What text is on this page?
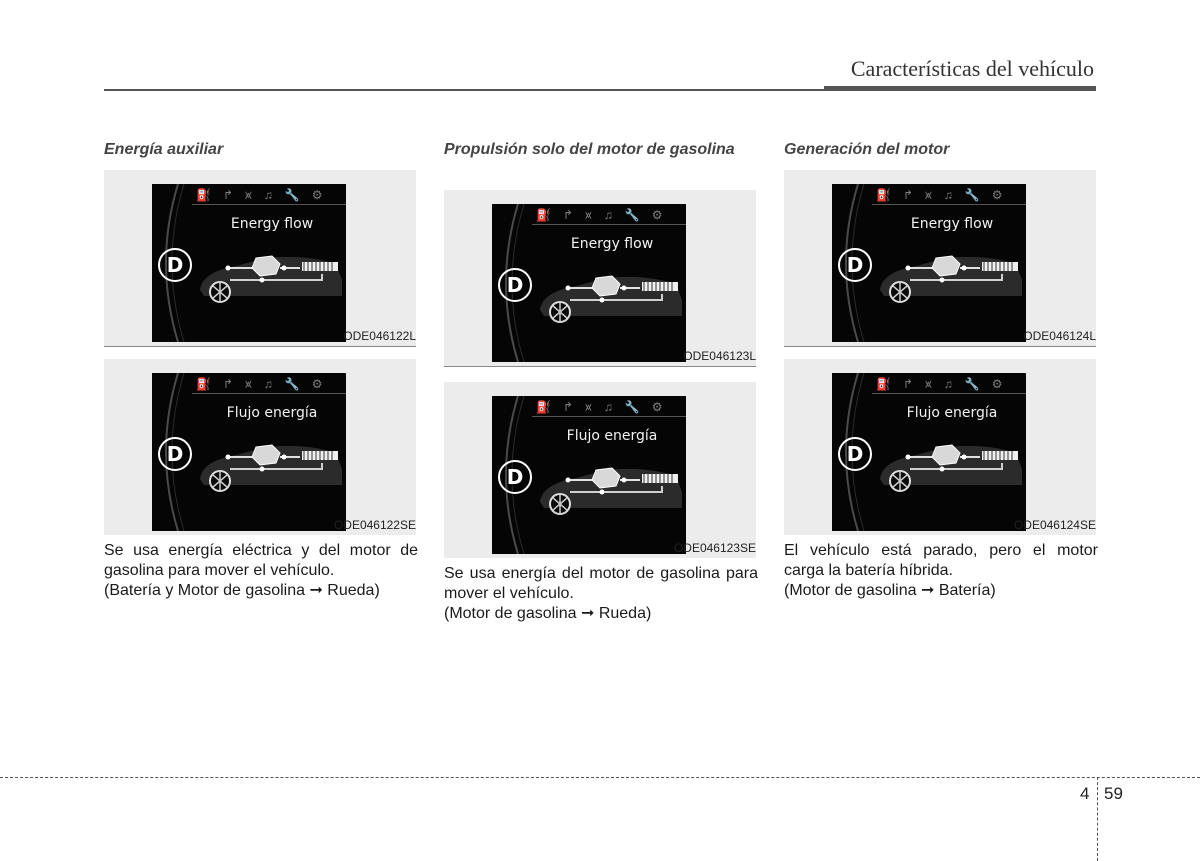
Características del vehículo
Energía auxiliar
⛽ ↱ ⩙ ♫ 🔧 ⚙
Energy flow
D
ODE046122L
⛽ ↱ ⩙ ♫ 🔧 ⚙
Flujo energía
D
ODE046122SE

Se usa energía eléctrica y del motor de gasolina para mover el vehículo.

(Batería y Motor de gasolina ➞ Rueda)

Propulsión solo del motor de gasolina
⛽ ↱ ⩙ ♫ 🔧 ⚙
Energy flow
D
ODE046123L
⛽ ↱ ⩙ ♫ 🔧 ⚙
Flujo energía
D
ODE046123SE

Se usa energía del motor de gasolina para mover el vehículo.

(Motor de gasolina ➞ Rueda)

Generación del motor
⛽ ↱ ⩙ ♫ 🔧 ⚙
Energy flow
D
ODE046124L
⛽ ↱ ⩙ ♫ 🔧 ⚙
Flujo energía
D
ODE046124SE

El vehículo está parado, pero el motor carga la batería híbrida.

(Motor de gasolina ➞ Batería)

4 59
